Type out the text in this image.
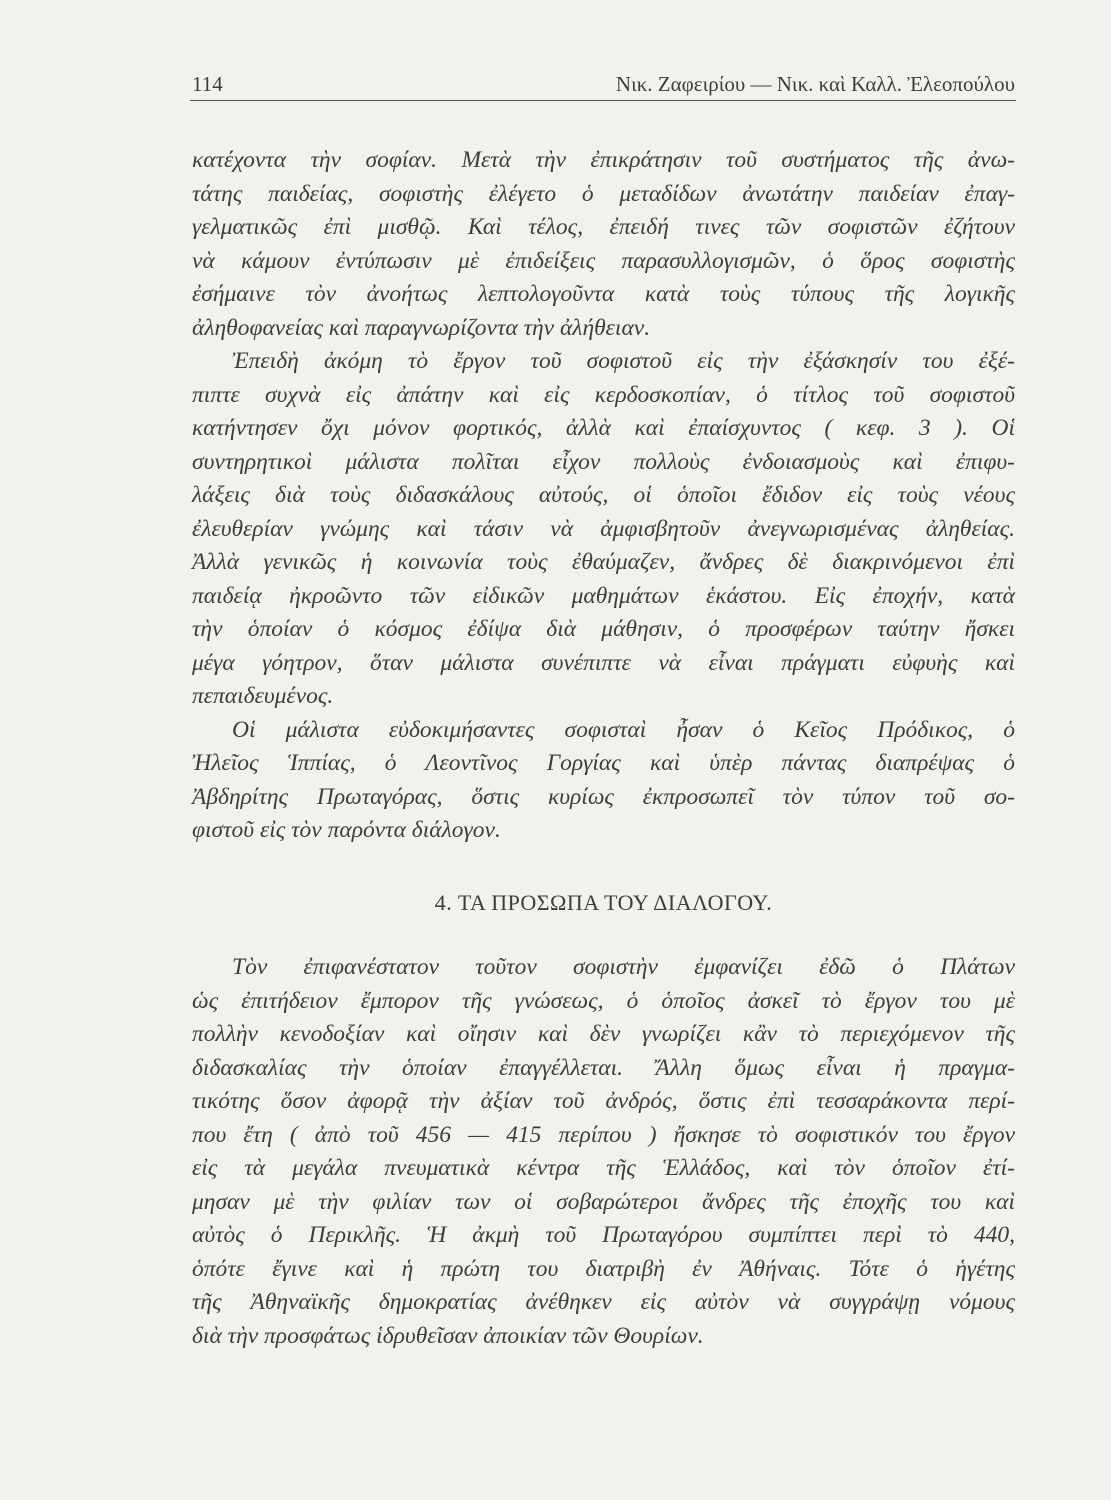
114	Νικ. Ζαφειρίου — Νικ. καὶ Καλλ. Ἐλεοπούλου
κατέχοντα τὴν σοφίαν. Μετὰ τὴν ἐπικράτησιν τοῦ συστήματος τῆς ἀνω-
τάτης παιδείας, σοφιστὴς ἐλέγετο ὁ μεταδίδων ἀνωτάτην παιδείαν ἐπαγ-
γελματικῶς ἐπὶ μισθῷ. Καὶ τέλος, ἐπειδή τινες τῶν σοφιστῶν ἐζήτουν
νὰ κάμουν ἐντύπωσιν μὲ ἐπιδείξεις παρασυλλογισμῶν, ὁ ὅρος σοφιστὴς
ἐσήμαινε τὸν ἀνοήτως λεπτολογοῦντα κατὰ τοὺς τύπους τῆς λογικῆς
ἀληθοφανείας καὶ παραγνωρίζοντα τὴν ἀλήθειαν.
Ἐπειδὴ ἀκόμη τὸ ἔργον τοῦ σοφιστοῦ εἰς τὴν ἐξάσκησίν του ἐξέ-
πιπτε συχνὰ εἰς ἀπάτην καὶ εἰς κερδοσκοπίαν, ὁ τίτλος τοῦ σοφιστοῦ
κατήντησεν ὄχι μόνον φορτικός, ἀλλὰ καὶ ἐπαίσχυντος ( κεφ. 3 ). Οἱ
συντηρητικοὶ μάλιστα πολῖται εἶχον πολλοὺς ἐνδοιασμοὺς καὶ ἐπιφυ-
λάξεις διὰ τοὺς διδασκάλους αὐτούς, οἱ ὁποῖοι ἔδιδον εἰς τοὺς νέους
ἐλευθερίαν γνώμης καὶ τάσιν νὰ ἀμφισβητοῦν ἀνεγνωρισμένας ἀληθείας.
Ἀλλὰ γενικῶς ἡ κοινωνία τοὺς ἐθαύμαζεν, ἄνδρες δὲ διακρινόμενοι ἐπὶ
παιδείᾳ ἠκροῶντο τῶν εἰδικῶν μαθημάτων ἑκάστου. Εἰς ἐποχήν, κατὰ
τὴν ὁποίαν ὁ κόσμος ἐδίψα διὰ μάθησιν, ὁ προσφέρων ταύτην ἤσκει
μέγα γόητρον, ὅταν μάλιστα συνέπιπτε νὰ εἶναι πράγματι εὐφυὴς καὶ
πεπαιδευμένος.
Οἱ μάλιστα εὐδοκιμήσαντες σοφισταὶ ἦσαν ὁ Κεῖος Πρόδικος, ὁ
Ἠλεῖος Ἱππίας, ὁ Λεοντῖνος Γοργίας καὶ ὑπὲρ πάντας διαπρέψας ὁ
Ἀβδηρίτης Πρωταγόρας, ὅστις κυρίως ἐκπροσωπεῖ τὸν τύπον τοῦ σο-
φιστοῦ εἰς τὸν παρόντα διάλογον.
4. ΤΑ ΠΡΟΣΩΠΑ ΤΟΥ ΔΙΑΛΟΓΟΥ.
Τὸν ἐπιφανέστατον τοῦτον σοφιστὴν ἐμφανίζει ἐδῶ ὁ Πλάτων
ὡς ἐπιτήδειον ἔμπορον τῆς γνώσεως, ὁ ὁποῖος ἀσκεῖ τὸ ἔργον του μὲ
πολλὴν κενοδοξίαν καὶ οἴησιν καὶ δὲν γνωρίζει κἂν τὸ περιεχόμενον τῆς
διδασκαλίας τὴν ὁποίαν ἐπαγγέλλεται. Ἄλλη ὅμως εἶναι ἡ πραγμα-
τικότης ὅσον ἀφορᾷ τὴν ἀξίαν τοῦ ἀνδρός, ὅστις ἐπὶ τεσσαράκοντα περί-
που ἔτη ( ἀπὸ τοῦ 456 — 415 περίπου ) ἤσκησε τὸ σοφιστικόν του ἔργον
εἰς τὰ μεγάλα πνευματικὰ κέντρα τῆς Ἑλλάδος, καὶ τὸν ὁποῖον ἐτί-
μησαν μὲ τὴν φιλίαν των οἱ σοβαρώτεροι ἄνδρες τῆς ἐποχῆς του καὶ
αὐτὸς ὁ Περικλῆς. Ἡ ἀκμὴ τοῦ Πρωταγόρου συμπίπτει περὶ τὸ 440,
ὁπότε ἔγινε καὶ ἡ πρώτη του διατριβὴ ἐν Ἀθήναις. Τότε ὁ ἡγέτης
τῆς Ἀθηναϊκῆς δημοκρατίας ἀνέθηκεν εἰς αὐτὸν νὰ συγγράψῃ νόμους
διὰ τὴν προσφάτως ἱδρυθεῖσαν ἀποικίαν τῶν Θουρίων.
